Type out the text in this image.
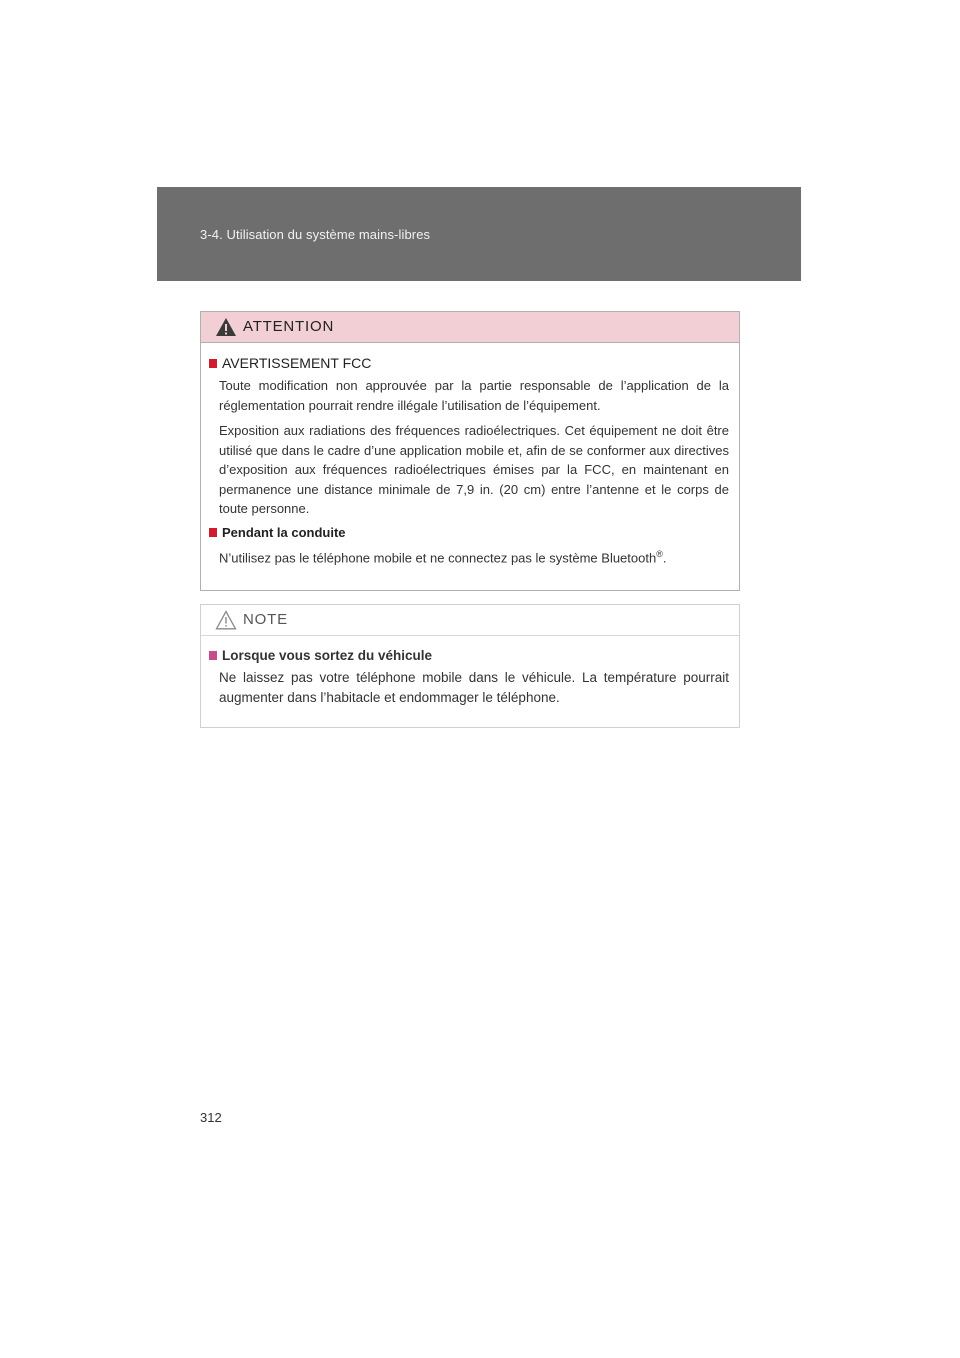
3-4. Utilisation du système mains-libres
ATTENTION
AVERTISSEMENT FCC

Toute modification non approuvée par la partie responsable de l’application de la réglementation pourrait rendre illégale l’utilisation de l’équipement.

Exposition aux radiations des fréquences radioélectriques. Cet équipement ne doit être utilisé que dans le cadre d’une application mobile et, afin de se conformer aux directives d’exposition aux fréquences radioélectriques émises par la FCC, en maintenant en permanence une distance minimale de 7,9 in. (20 cm) entre l’antenne et le corps de toute personne.

Pendant la conduite

N’utilisez pas le téléphone mobile et ne connectez pas le système Bluetooth®.

NOTE
Lorsque vous sortez du véhicule

Ne laissez pas votre téléphone mobile dans le véhicule. La température pourrait augmenter dans l’habitacle et endommager le téléphone.

312
